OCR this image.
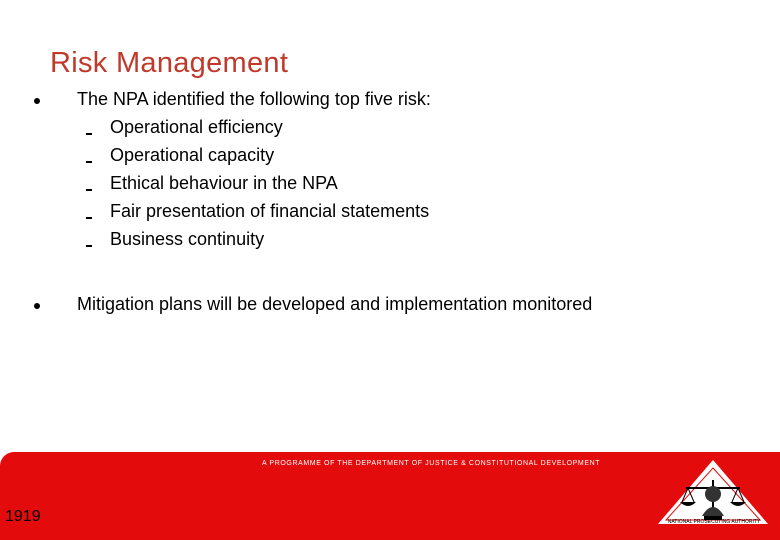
Risk Management
The NPA identified the following top five risk:
Operational efficiency
Operational capacity
Ethical behaviour in the NPA
Fair presentation of financial statements
Business continuity
Mitigation plans will be developed and implementation monitored
A PROGRAMME OF THE DEPARTMENT OF JUSTICE & CONSTITUTIONAL DEVELOPMENT
1919	NATIONAL PROSECUTING AUTHORITY
